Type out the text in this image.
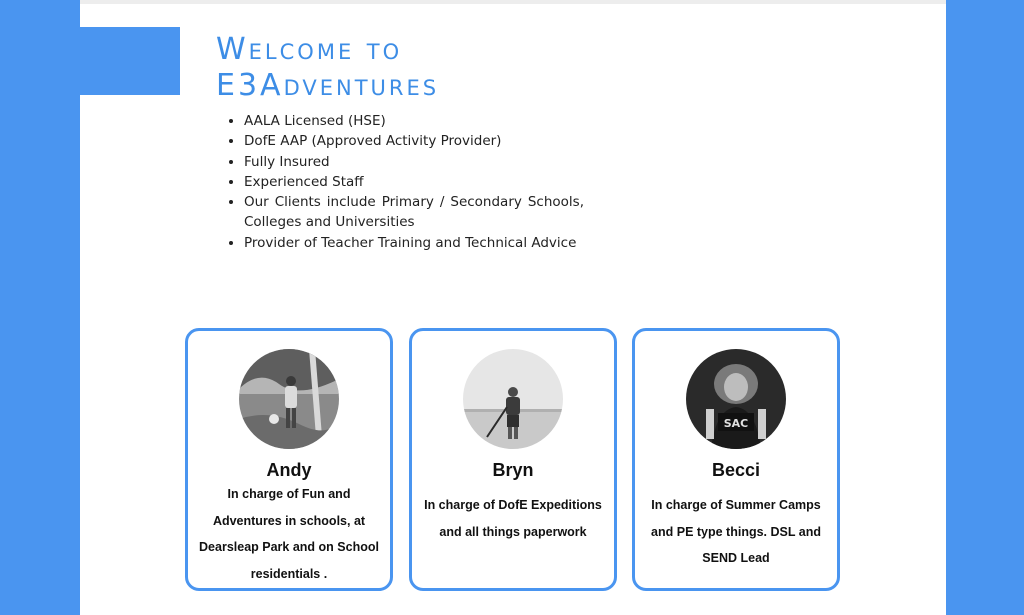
Welcome to
E3Adventures
• AALA Licensed (HSE)
• DofE AAP (Approved Activity Provider)
• Fully Insured
• Experienced Staff
• Our Clients include Primary / Secondary Schools, Colleges and Universities
• Provider of Teacher Training and Technical Advice
Andy
In charge of Fun and Adventures in schools, at Dearsleap Park and on School residentials .
Bryn
In charge of DofE Expeditions and all things paperwork
SAC
Becci
In charge of Summer Camps and PE type things. DSL and SEND Lead
